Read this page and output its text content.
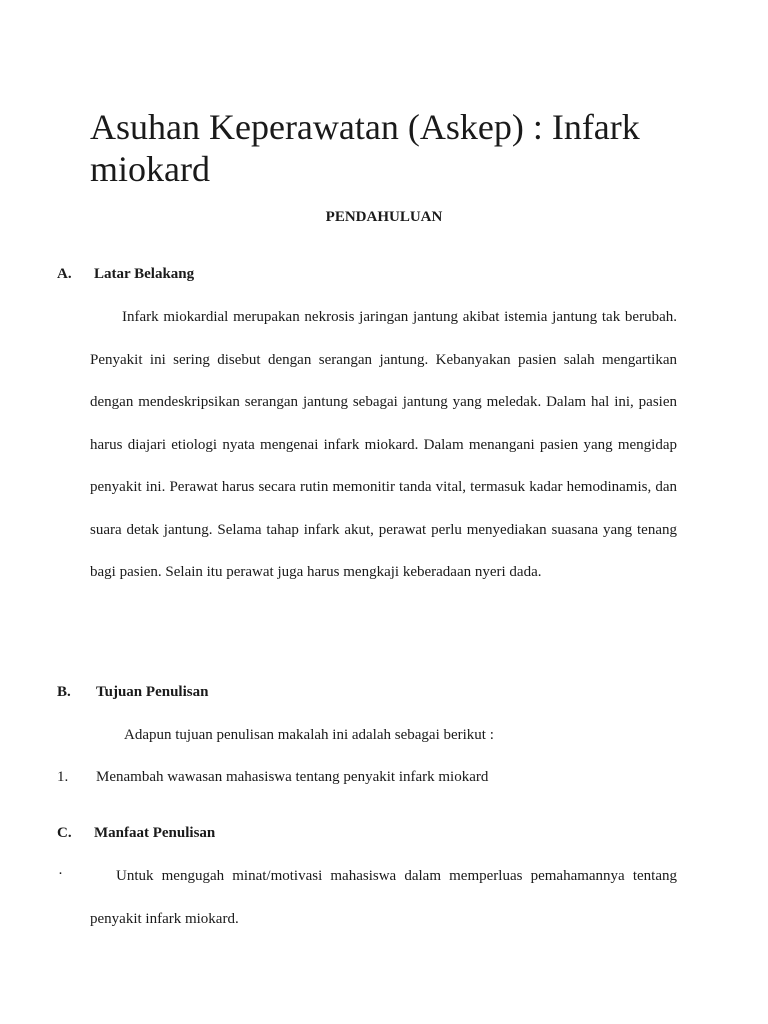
Asuhan Keperawatan (Askep) : Infark miokard
PENDAHULUAN
A. Latar Belakang

Infark miokardial merupakan nekrosis jaringan jantung akibat istemia jantung tak berubah. Penyakit ini sering disebut dengan serangan jantung. Kebanyakan pasien salah mengartikan dengan mendeskripsikan serangan jantung sebagai jantung yang meledak. Dalam hal ini, pasien harus diajari etiologi nyata mengenai infark miokard. Dalam menangani pasien yang mengidap penyakit ini. Perawat harus secara rutin memonitir tanda vital, termasuk kadar hemodinamis, dan suara detak jantung. Selama tahap infark akut, perawat perlu menyediakan suasana yang tenang bagi pasien. Selain itu perawat juga harus mengkaji keberadaan nyeri dada.

B. Tujuan Penulisan

Adapun tujuan penulisan makalah ini adalah sebagai berikut :

1. Menambah wawasan mahasiswa tentang penyakit infark miokard
C. Manfaat Penulisan
·	Untuk mengugah minat/motivasi mahasiswa dalam memperluas pemahamannya tentang penyakit infark miokard.
